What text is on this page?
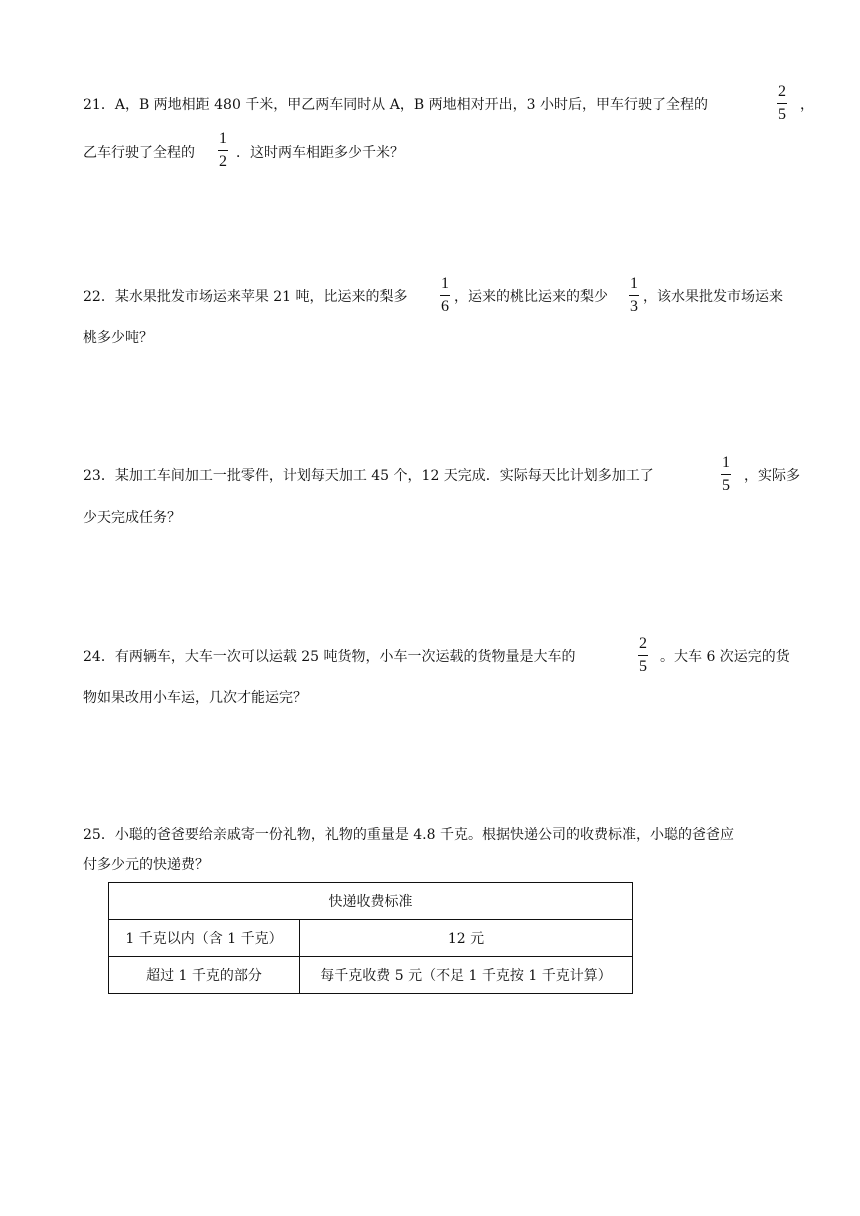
21．A，B 两地相距 480 千米，甲乙两车同时从 A，B 两地相对开出，3 小时后，甲车行驶了全程的
2
5
，
乙车行驶了全程的
1
2 ．这时两车相距多少千米？
22．某水果批发市场运来苹果 21 吨，比运来的梨多
1
6
，运来的桃比运来的梨少
1
3
，该水果批发市场运来
桃多少吨？
23．某加工车间加工一批零件，计划每天加工 45 个，12 天完成．实际每天比计划多加工了
1
5
，实际多
少天完成任务？
24．有两辆车，大车一次可以运载 25 吨货物，小车一次运载的货物量是大车的
2
5
。大车 6 次运完的货
物如果改用小车运，几次才能运完？
25．小聪的爸爸要给亲戚寄一份礼物，礼物的重量是 4.8 千克。根据快递公司的收费标准，小聪的爸爸应
付多少元的快递费？
快递收费标准	
1 千克以内（含 1 千克）	12 元
超过 1 千克的部分	每千克收费 5 元（不足 1 千克按 1 千克计算）
